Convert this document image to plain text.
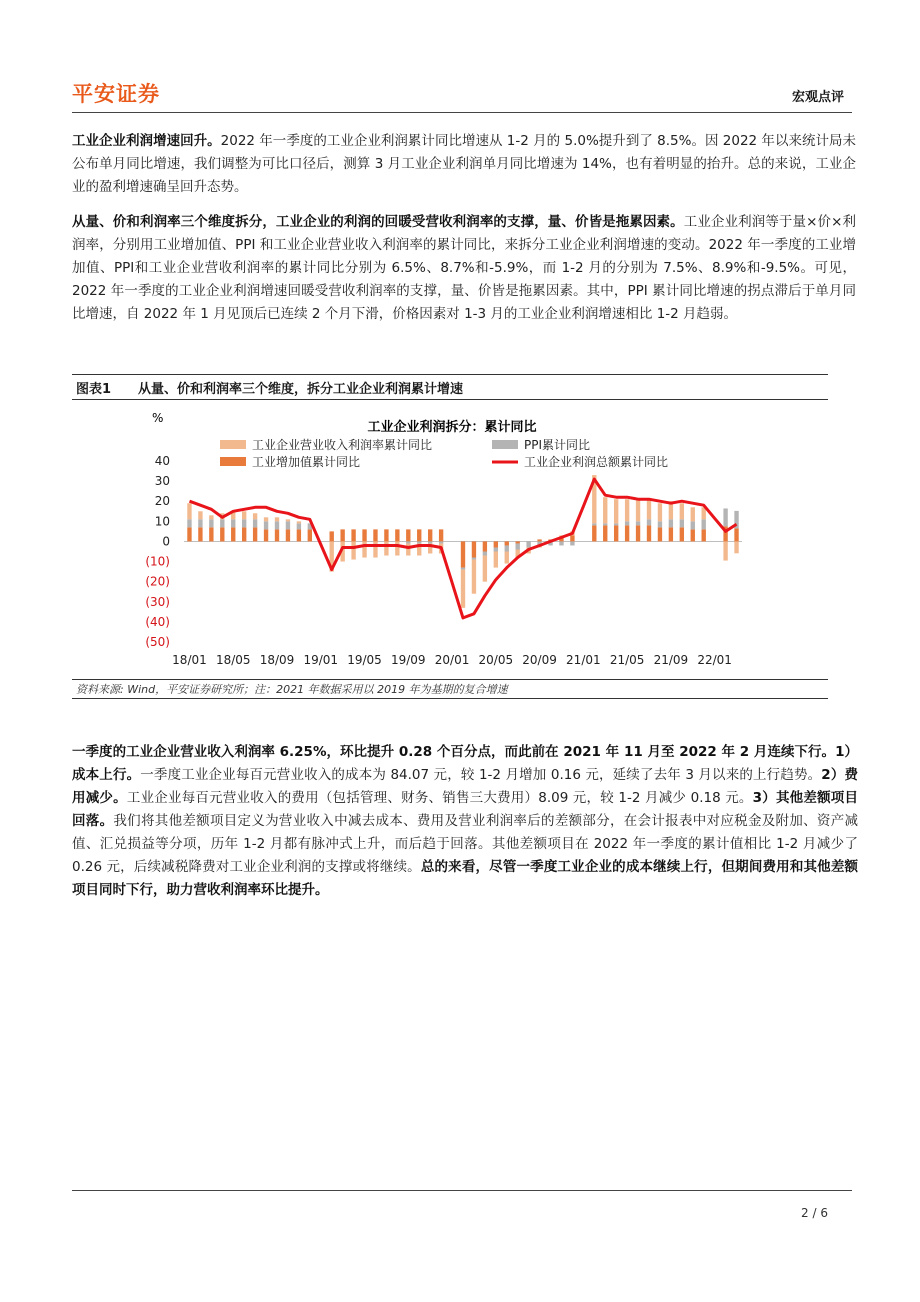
平安证券	宏观点评
工业企业利润增速回升。2022 年一季度的工业企业利润累计同比增速从 1-2 月的 5.0%提升到了 8.5%。因 2022 年以来统计局未公布单月同比增速，我们调整为可比口径后，测算 3 月工业企业利润单月同比增速为 14%，也有着明显的抬升。总的来说，工业企业的盈利增速确呈回升态势。
从量、价和利润率三个维度拆分，工业企业的利润的回暖受营收利润率的支撑，量、价皆是拖累因素。工业企业利润等于量×价×利润率，分别用工业增加值、PPI 和工业企业营业收入利润率的累计同比，来拆分工业企业利润增速的变动。2022 年一季度的工业增加值、PPI和工业企业营收利润率的累计同比分别为 6.5%、8.7%和-5.9%，而 1-2 月的分别为 7.5%、8.9%和-9.5%。可见，2022 年一季度的工业企业利润增速回暖受营收利润率的支撑，量、价皆是拖累因素。其中，PPI 累计同比增速的拐点滞后于单月同比增速，自 2022 年 1 月见顶后已连续 2 个月下滑，价格因素对 1-3 月的工业企业利润增速相比 1-2 月趋弱。
图表1 从量、价和利润率三个维度，拆分工业企业利润累计增速
%
工业企业利润拆分：累计同比
工业企业营业收入利润率累计同比	PPI累计同比
工业增加值累计同比	工业企业利润总额累计同比
40
30
20
10
0
(10)
(20)
(30)
(40)
(50)
18/01 18/05 18/09 19/01 19/05 19/09 20/01 20/05 20/09 21/01 21/05 21/09 22/01
资料来源: Wind，平安证券研究所；注：2021 年数据采用以 2019 年为基期的复合增速
一季度的工业企业营业收入利润率 6.25%，环比提升 0.28 个百分点，而此前在 2021 年 11 月至 2022 年 2 月连续下行。1）成本上行。一季度工业企业每百元营业收入的成本为 84.07 元，较 1-2 月增加 0.16 元，延续了去年 3 月以来的上行趋势。2）费用减少。工业企业每百元营业收入的费用（包括管理、财务、销售三大费用）8.09 元，较 1-2 月减少 0.18 元。3）其他差额项目回落。我们将其他差额项目定义为营业收入中减去成本、费用及营业利润率后的差额部分，在会计报表中对应税金及附加、资产减值、汇兑损益等分项，历年 1-2 月都有脉冲式上升，而后趋于回落。其他差额项目在 2022 年一季度的累计值相比 1-2 月减少了 0.26 元，后续减税降费对工业企业利润的支撑或将继续。总的来看，尽管一季度工业企业的成本继续上行，但期间费用和其他差额项目同时下行，助力营收利润率环比提升。
2 / 6
